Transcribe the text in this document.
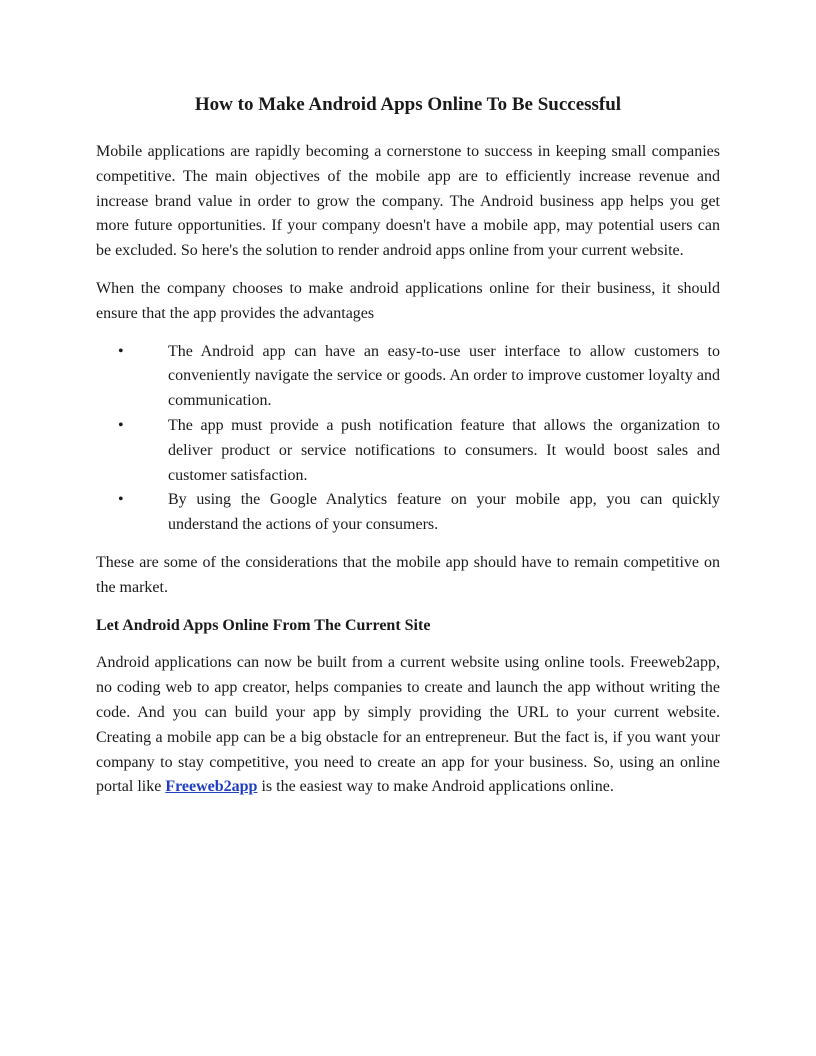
How to Make Android Apps Online To Be Successful

Mobile applications are rapidly becoming a cornerstone to success in keeping small companies competitive. The main objectives of the mobile app are to efficiently increase revenue and increase brand value in order to grow the company. The Android business app helps you get more future opportunities. If your company doesn't have a mobile app, may potential users can be excluded. So here's the solution to render android apps online from your current website.

When the company chooses to make android applications online for their business, it should ensure that the app provides the advantages

•	The Android app can have an easy-to-use user interface to allow customers to conveniently navigate the service or goods. An order to improve customer loyalty and communication.
•	The app must provide a push notification feature that allows the organization to deliver product or service notifications to consumers. It would boost sales and customer satisfaction.
•	By using the Google Analytics feature on your mobile app, you can quickly understand the actions of your consumers.

These are some of the considerations that the mobile app should have to remain competitive on the market.

Let Android Apps Online From The Current Site

Android applications can now be built from a current website using online tools. Freeweb2app, no coding web to app creator, helps companies to create and launch the app without writing the code. And you can build your app by simply providing the URL to your current website. Creating a mobile app can be a big obstacle for an entrepreneur. But the fact is, if you want your company to stay competitive, you need to create an app for your business. So, using an online portal like Freeweb2app is the easiest way to make Android applications online.
